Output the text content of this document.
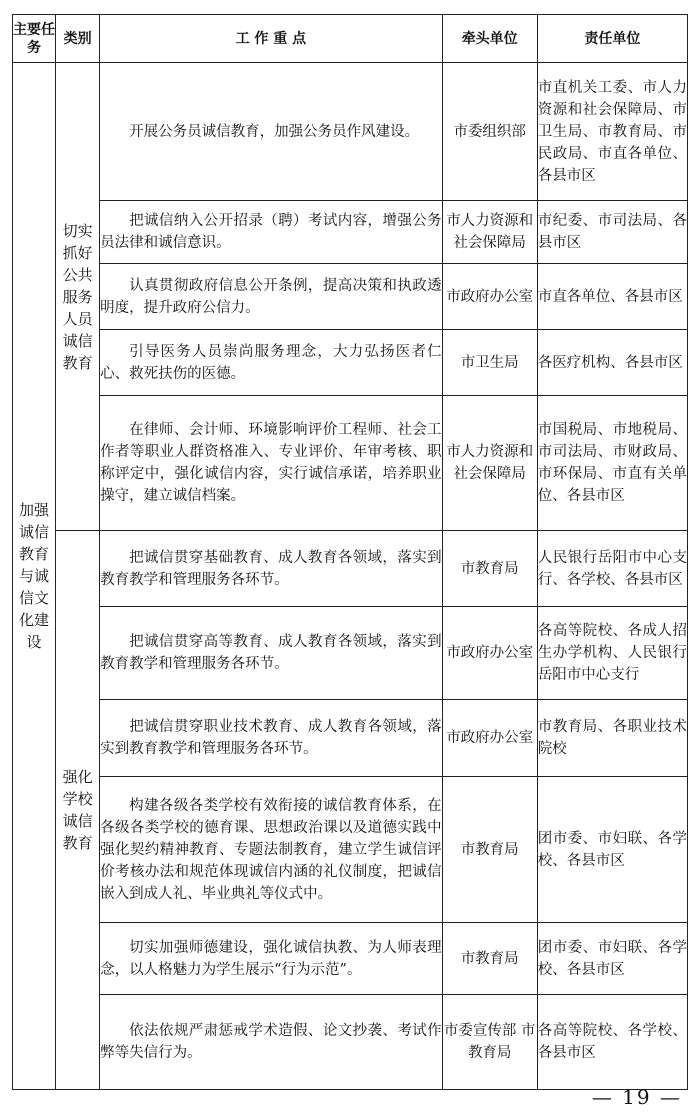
主要任务	类别	工 作 重 点	牵头单位	责任单位
加强诚信教育与诚信文化建设	切实抓好公共服务人员诚信教育	开展公务员诚信教育，加强公务员作风建设。	市委组织部	市直机关工委、市人力资源和社会保障局、市卫生局、市教育局、市民政局、市直各单位、各县市区
		把诚信纳入公开招录（聘）考试内容，增强公务员法律和诚信意识。	市人力资源和社会保障局	市纪委、市司法局、各县市区
		认真贯彻政府信息公开条例，提高决策和执政透明度，提升政府公信力。	市政府办公室	市直各单位、各县市区
		引导医务人员崇尚服务理念，大力弘扬医者仁心、救死扶伤的医德。	市卫生局	各医疗机构、各县市区
		在律师、会计师、环境影响评价工程师、社会工作者等职业人群资格准入、专业评价、年审考核、职称评定中，强化诚信内容，实行诚信承诺，培养职业操守，建立诚信档案。	市人力资源和社会保障局	市国税局、市地税局、市司法局、市财政局、市环保局、市直有关单位、各县市区
	强化学校诚信教育	把诚信贯穿基础教育、成人教育各领域，落实到教育教学和管理服务各环节。	市教育局	人民银行岳阳市中心支行、各学校、各县市区
		把诚信贯穿高等教育、成人教育各领域，落实到教育教学和管理服务各环节。	市政府办公室	各高等院校、各成人招生办学机构、人民银行岳阳市中心支行
		把诚信贯穿职业技术教育、成人教育各领域，落实到教育教学和管理服务各环节。	市政府办公室	市教育局、各职业技术院校
		构建各级各类学校有效衔接的诚信教育体系，在各级各类学校的德育课、思想政治课以及道德实践中强化契约精神教育、专题法制教育，建立学生诚信评价考核办法和规范体现诚信内涵的礼仪制度，把诚信嵌入到成人礼、毕业典礼等仪式中。	市教育局	团市委、市妇联、各学校、各县市区
		切实加强师德建设，强化诚信执教、为人师表理念，以人格魅力为学生展示“行为示范”。	市教育局	团市委、市妇联、各学校、各县市区
		依法依规严肃惩戒学术造假、论文抄袭、考试作弊等失信行为。	市委宣传部 市教育局	各高等院校、各学校、各县市区
— 19 —
